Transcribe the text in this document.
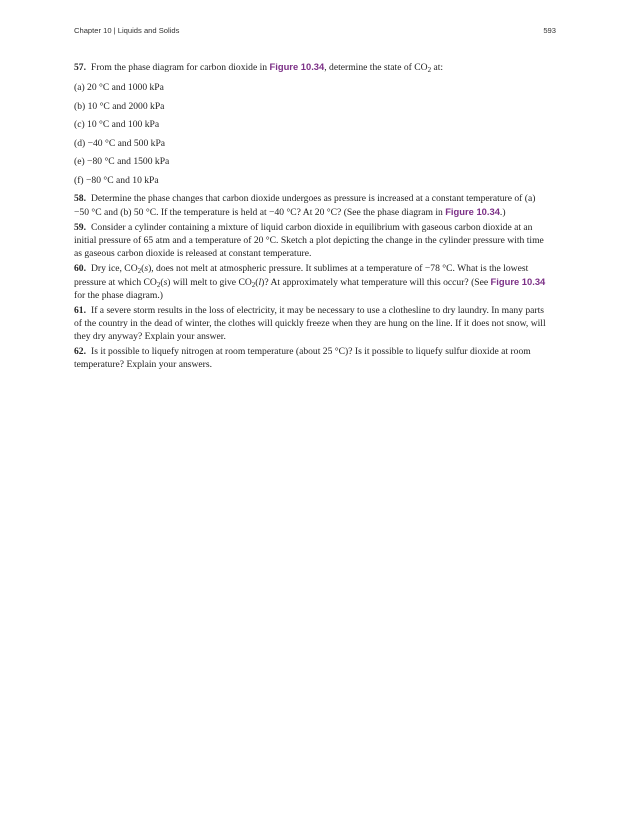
Chapter 10 | Liquids and Solids	593

57. From the phase diagram for carbon dioxide in Figure 10.34, determine the state of $CO_2$ at:

(a) 20 °C and 1000 kPa

(b) 10 °C and 2000 kPa

(c) 10 °C and 100 kPa

(d) −40 °C and 500 kPa

(e) −80 °C and 1500 kPa

(f) −80 °C and 10 kPa

58. Determine the phase changes that carbon dioxide undergoes as pressure is increased at a constant temperature of (a) −50 °C and (b) 50 °C. If the temperature is held at −40 °C? At 20 °C? (See the phase diagram in Figure 10.34.)

59. Consider a cylinder containing a mixture of liquid carbon dioxide in equilibrium with gaseous carbon dioxide at an initial pressure of 65 atm and a temperature of 20 °C. Sketch a plot depicting the change in the cylinder pressure with time as gaseous carbon dioxide is released at constant temperature.

60. Dry ice, $CO_2(s)$, does not melt at atmospheric pressure. It sublimes at a temperature of −78 °C. What is the lowest pressure at which $CO_2(s)$ will melt to give $CO_2(l)$? At approximately what temperature will this occur? (See Figure 10.34 for the phase diagram.)

61. If a severe storm results in the loss of electricity, it may be necessary to use a clothesline to dry laundry. In many parts of the country in the dead of winter, the clothes will quickly freeze when they are hung on the line. If it does not snow, will they dry anyway? Explain your answer.

62. Is it possible to liquefy nitrogen at room temperature (about 25 °C)? Is it possible to liquefy sulfur dioxide at room temperature? Explain your answers.
